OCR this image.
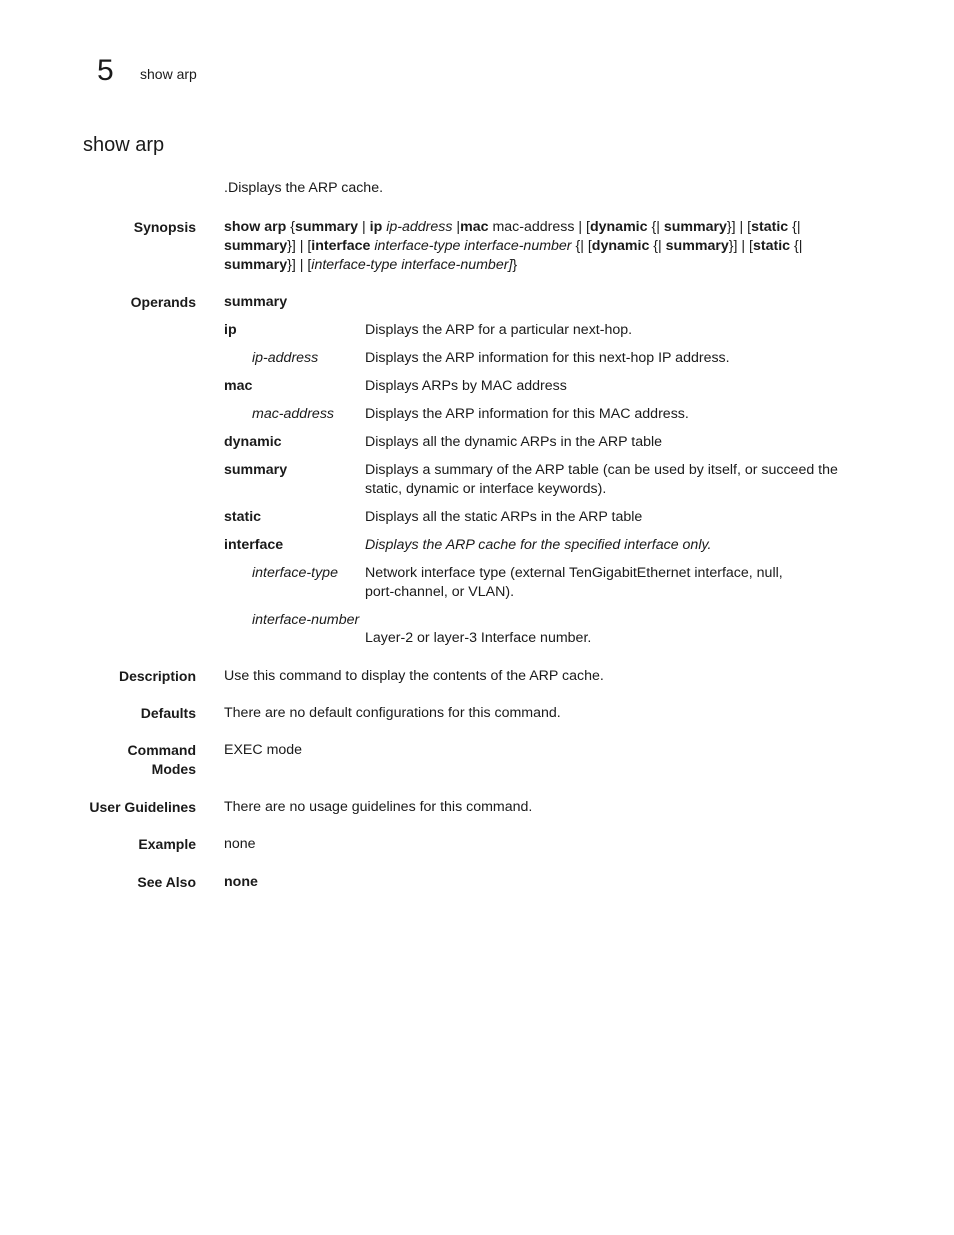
5 show arp
show arp
.Displays the ARP cache.
Synopsis show arp {summary | ip ip-address |mac mac-address | [dynamic {| summary}] | [static {|
summary}] | [interface interface-type interface-number {| [dynamic {| summary}] | [static {|
summary}] | [interface-type interface-number]}
Operands summary
ip	Displays the ARP for a particular next-hop.
ip-address	Displays the ARP information for this next-hop IP address.
mac	Displays ARPs by MAC address
mac-address Displays the ARP information for this MAC address.
dynamic	Displays all the dynamic ARPs in the ARP table
summary	Displays a summary of the ARP table (can be used by itself, or succeed the static, dynamic or interface keywords).
static	Displays all the static ARPs in the ARP table
interface	Displays the ARP cache for the specified interface only.
interface-type Network interface type (external TenGigabitEthernet interface, null, port-channel, or VLAN).
interface-number
Layer-2 or layer-3 Interface number.
Description Use this command to display the contents of the ARP cache.
Defaults There are no default configurations for this command.
Command
Modes
EXEC mode
User Guidelines There are no usage guidelines for this command.
Example none
See Also none
